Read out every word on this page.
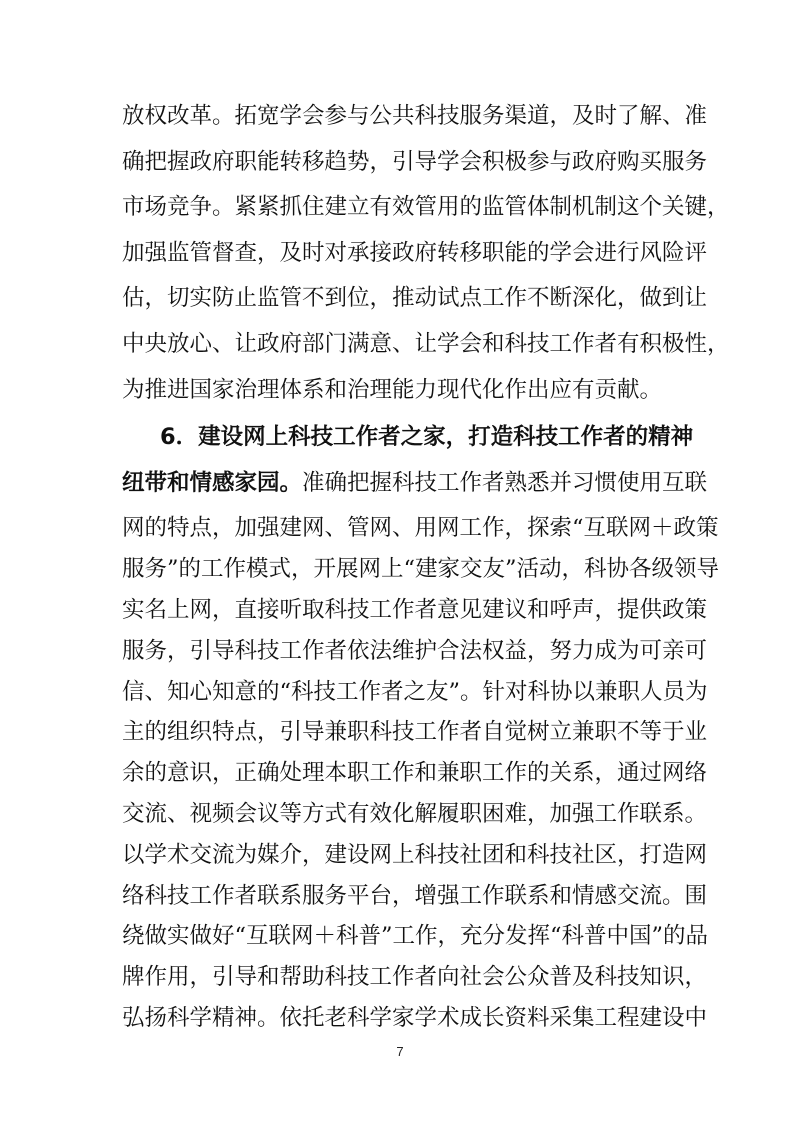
放权改革。拓宽学会参与公共科技服务渠道，及时了解、准
确把握政府职能转移趋势，引导学会积极参与政府购买服务
市场竞争。紧紧抓住建立有效管用的监管体制机制这个关键，
加强监管督查，及时对承接政府转移职能的学会进行风险评
估，切实防止监管不到位，推动试点工作不断深化，做到让
中央放心、让政府部门满意、让学会和科技工作者有积极性，
为推进国家治理体系和治理能力现代化作出应有贡献。
6．建设网上科技工作者之家，打造科技工作者的精神
纽带和情感家园。准确把握科技工作者熟悉并习惯使用互联
网的特点，加强建网、管网、用网工作，探索“互联网＋政策
服务”的工作模式，开展网上“建家交友”活动，科协各级领导
实名上网，直接听取科技工作者意见建议和呼声，提供政策
服务，引导科技工作者依法维护合法权益，努力成为可亲可
信、知心知意的“科技工作者之友”。针对科协以兼职人员为
主的组织特点，引导兼职科技工作者自觉树立兼职不等于业
余的意识，正确处理本职工作和兼职工作的关系，通过网络
交流、视频会议等方式有效化解履职困难，加强工作联系。
以学术交流为媒介，建设网上科技社团和科技社区，打造网
络科技工作者联系服务平台，增强工作联系和情感交流。围
绕做实做好“互联网＋科普”工作，充分发挥“科普中国”的品
牌作用，引导和帮助科技工作者向社会公众普及科技知识，
弘扬科学精神。依托老科学家学术成长资料采集工程建设中
7
